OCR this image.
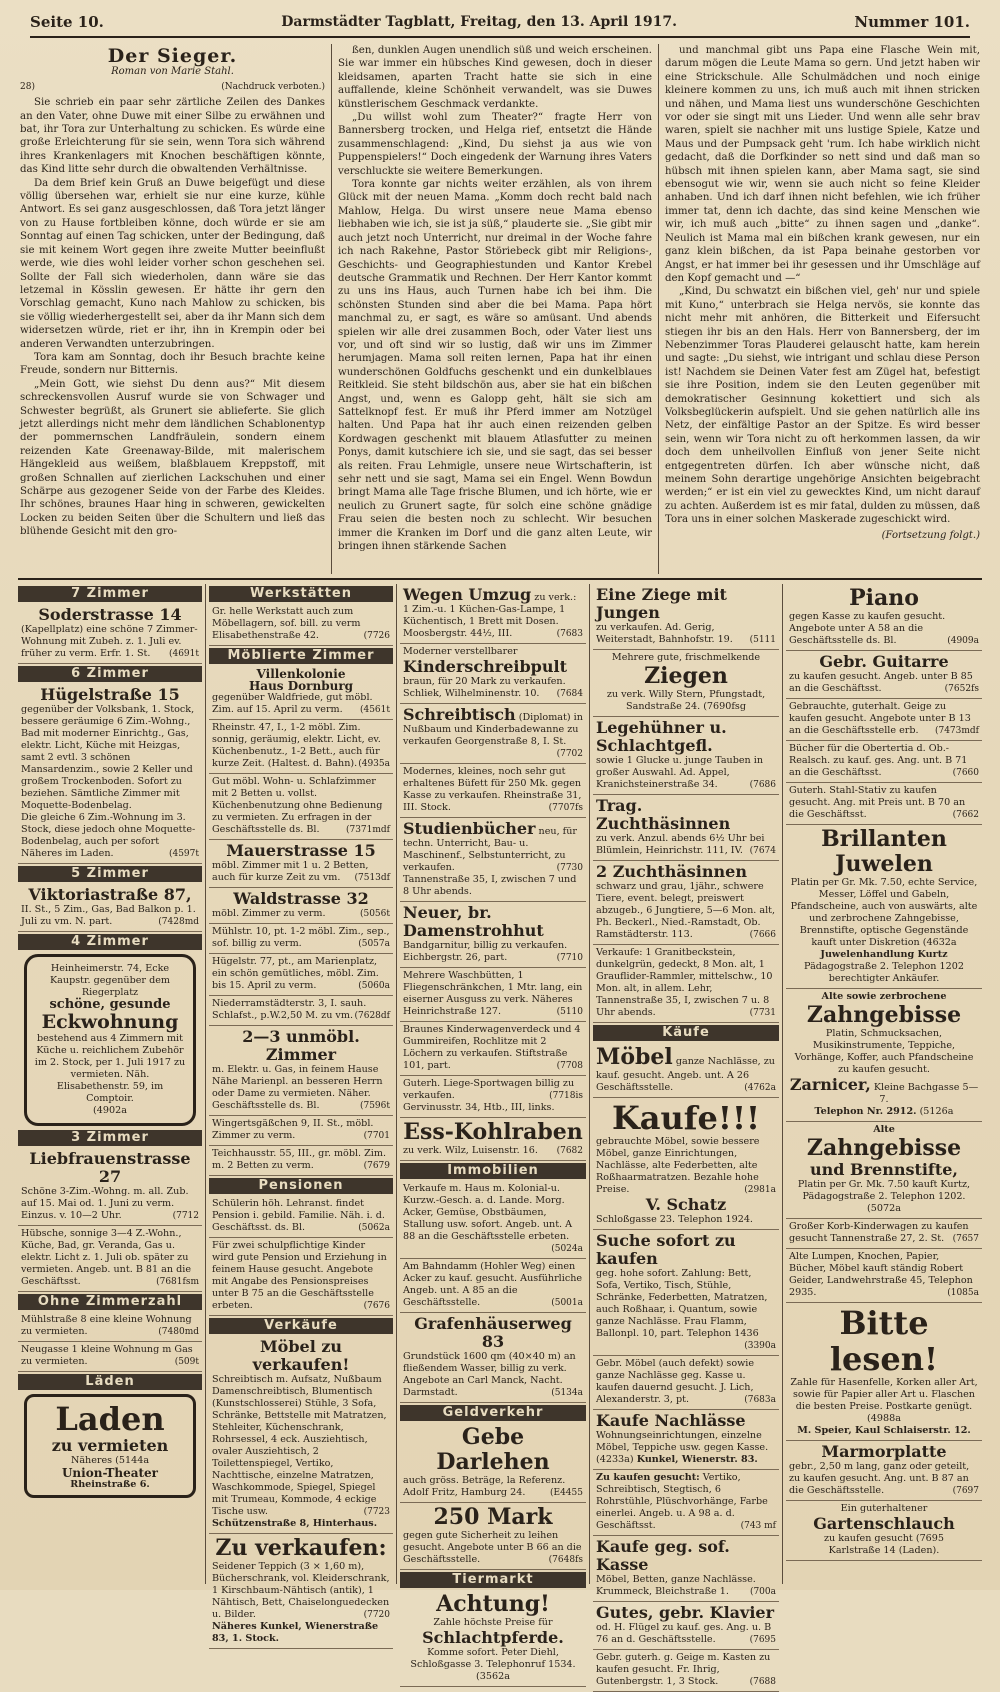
Seite 10.	Darmstädter Tagblatt, Freitag, den 13. April 1917.	Nummer 101.
Der Sieger.
Roman von Marie Stahl.
28)	(Nachdruck verboten.)

Sie schrieb ein paar sehr zärtliche Zeilen des Dankes an den Vater, ohne Duwe mit einer Silbe zu erwähnen und bat, ihr Tora zur Unterhaltung zu schicken. Es würde eine große Erleichterung für sie sein, wenn Tora sich während ihres Krankenlagers mit Knochen beschäftigen könnte, das Kind litte sehr durch die obwaltenden Verhältnisse.

Da dem Brief kein Gruß an Duwe beigefügt und diese völlig übersehen war, erhielt sie nur eine kurze, kühle Antwort. Es sei ganz ausgeschlossen, daß Tora jetzt länger von zu Hause fortbleiben könne, doch würde er sie am Sonntag auf einen Tag schicken, unter der Bedingung, daß sie mit keinem Wort gegen ihre zweite Mutter beeinflußt werde, wie dies wohl leider vorher schon geschehen sei. Sollte der Fall sich wiederholen, dann wäre sie das letzemal in Kösslin gewesen. Er hätte ihr gern den Vorschlag gemacht, Kuno nach Mahlow zu schicken, bis sie völlig wiederhergestellt sei, aber da ihr Mann sich dem widersetzen würde, riet er ihr, ihn in Krempin oder bei anderen Verwandten unterzubringen.

Tora kam am Sonntag, doch ihr Besuch brachte keine Freude, sondern nur Bitternis.

„Mein Gott, wie siehst Du denn aus?“ Mit diesem schreckensvollen Ausruf wurde sie von Schwager und Schwester begrüßt, als Grunert sie ablieferte. Sie glich jetzt allerdings nicht mehr dem ländlichen Schablonentyp der pommernschen Landfräulein, sondern einem reizenden Kate Greenaway-Bilde, mit malerischem Hängekleid aus weißem, blaßblauem Kreppstoff, mit großen Schnallen auf zierlichen Lackschuhen und einer Schärpe aus gezogener Seide von der Farbe des Kleides. Ihr schönes, braunes Haar hing in schweren, gewickelten Locken zu beiden Seiten über die Schultern und ließ das blühende Gesicht mit den gro-

ßen, dunklen Augen unendlich süß und weich erscheinen. Sie war immer ein hübsches Kind gewesen, doch in dieser kleidsamen, aparten Tracht hatte sie sich in eine auffallende, kleine Schönheit verwandelt, was sie Duwes künstlerischem Geschmack verdankte.

„Du willst wohl zum Theater?“ fragte Herr von Bannersberg trocken, und Helga rief, entsetzt die Hände zusammenschlagend: „Kind, Du siehst ja aus wie von Puppenspielers!“ Doch eingedenk der Warnung ihres Vaters verschluckte sie weitere Bemerkungen.

Tora konnte gar nichts weiter erzählen, als von ihrem Glück mit der neuen Mama. „Komm doch recht bald nach Mahlow, Helga. Du wirst unsere neue Mama ebenso liebhaben wie ich, sie ist ja süß,“ plauderte sie. „Sie gibt mir auch jetzt noch Unterricht, nur dreimal in der Woche fahre ich nach Rakehne, Pastor Störiebeck gibt mir Religions-, Geschichts- und Geographiestunden und Kantor Krebel deutsche Grammatik und Rechnen. Der Herr Kantor kommt zu uns ins Haus, auch Turnen habe ich bei ihm. Die schönsten Stunden sind aber die bei Mama. Papa hört manchmal zu, er sagt, es wäre so amüsant. Und abends spielen wir alle drei zusammen Boch, oder Vater liest uns vor, und oft sind wir so lustig, daß wir uns im Zimmer herumjagen. Mama soll reiten lernen, Papa hat ihr einen wunderschönen Goldfuchs geschenkt und ein dunkelblaues Reitkleid. Sie steht bildschön aus, aber sie hat ein bißchen Angst, und, wenn es Galopp geht, hält sie sich am Sattelknopf fest. Er muß ihr Pferd immer am Notzügel halten. Und Papa hat ihr auch einen reizenden gelben Kordwagen geschenkt mit blauem Atlasfutter zu meinen Ponys, damit kutschiere ich sie, und sie sagt, das sei besser als reiten. Frau Lehmigle, unsere neue Wirtschafterin, ist sehr nett und sie sagt, Mama sei ein Engel. Wenn Bowdun bringt Mama alle Tage frische Blumen, und ich hörte, wie er neulich zu Grunert sagte, für solch eine schöne gnädige Frau seien die besten noch zu schlecht. Wir besuchen immer die Kranken im Dorf und die ganz alten Leute, wir bringen ihnen stärkende Sachen

und manchmal gibt uns Papa eine Flasche Wein mit, darum mögen die Leute Mama so gern. Und jetzt haben wir eine Strickschule. Alle Schulmädchen und noch einige kleinere kommen zu uns, ich muß auch mit ihnen stricken und nähen, und Mama liest uns wunderschöne Geschichten vor oder sie singt mit uns Lieder. Und wenn alle sehr brav waren, spielt sie nachher mit uns lustige Spiele, Katze und Maus und der Pumpsack geht 'rum. Ich habe wirklich nicht gedacht, daß die Dorfkinder so nett sind und daß man so hübsch mit ihnen spielen kann, aber Mama sagt, sie sind ebensogut wie wir, wenn sie auch nicht so feine Kleider anhaben. Und ich darf ihnen nicht befehlen, wie ich früher immer tat, denn ich dachte, das sind keine Menschen wie wir, ich muß auch „bitte“ zu ihnen sagen und „danke“. Neulich ist Mama mal ein bißchen krank gewesen, nur ein ganz klein bißchen, da ist Papa beinahe gestorben vor Angst, er hat immer bei ihr gesessen und ihr Umschläge auf den Kopf gemacht und —“

„Kind, Du schwatzt ein bißchen viel, geh' nur und spiele mit Kuno,“ unterbrach sie Helga nervös, sie konnte das nicht mehr mit anhören, die Bitterkeit und Eifersucht stiegen ihr bis an den Hals. Herr von Bannersberg, der im Nebenzimmer Toras Plauderei gelauscht hatte, kam herein und sagte: „Du siehst, wie intrigant und schlau diese Person ist! Nachdem sie Deinen Vater fest am Zügel hat, befestigt sie ihre Position, indem sie den Leuten gegenüber mit demokratischer Gesinnung kokettiert und sich als Volksbeglückerin aufspielt. Und sie gehen natürlich alle ins Netz, der einfältige Pastor an der Spitze. Es wird besser sein, wenn wir Tora nicht zu oft herkommen lassen, da wir doch dem unheilvollen Einfluß von jener Seite nicht entgegentreten dürfen. Ich aber wünsche nicht, daß meinem Sohn derartige ungehörige Ansichten beigebracht werden;“ er ist ein viel zu gewecktes Kind, um nicht darauf zu achten. Außerdem ist es mir fatal, dulden zu müssen, daß Tora uns in einer solchen Maskerade zugeschickt wird.

(Fortsetzung folgt.)
7 Zimmer
Soderstrasse 14
(Kapellplatz) eine schöne 7 Zimmer-Wohnung mit Zubeh. z. 1. Juli ev. früher zu verm. Erfr. 1. St. (4691t
6 Zimmer
Hügelstraße 15
gegenüber der Volksbank, 1. Stock, bessere geräumige 6 Zim.-Wohng., Bad mit moderner Einrichtg., Gas, elektr. Licht, Küche mit Heizgas, samt 2 evtl. 3 schönen Mansardenzim., sowie 2 Keller und großem Trockenboden. Sofort zu beziehen. Sämtliche Zimmer mit Moquette-Bodenbelag.
Die gleiche 6 Zim.-Wohnung im 3. Stock, diese jedoch ohne Moquette-Bodenbelag, auch per sofort Näheres im Laden.	(4597t
5 Zimmer
Viktoriastraße 87,
II. St., 5 Zim., Gas, Bad Balkon p. 1. Juli zu vm. N. part.	(7428md
4 Zimmer
Heinheimerstr. 74, Ecke Kaupstr. gegenüber dem Riegerplatz
schöne, gesunde
Eckwohnung
bestehend aus 4 Zimmern mit Küche u. reichlichem Zubehör im 2. Stock, per 1. Juli 1917 zu vermieten. Näh. Elisabethenstr. 59, im Comptoir.
(4902a
3 Zimmer
Liebfrauenstrasse 27
Schöne 3-Zim.-Wohng. m. all. Zub. auf 15. Mai od. 1. Juni zu verm. Einzus. v. 10—2 Uhr.	(7712
Hübsche, sonnige 3—4 Z.-Wohn., Küche, Bad, gr. Veranda, Gas u. elektr. Licht z. 1. Juli ob. später zu vermieten. Angeb. unt. B 81 an die Geschäftsst.	(7681fsm
Ohne Zimmerzahl
Mühlstraße 8 eine kleine Wohnung zu vermieten.	(7480md
Neugasse 1 kleine Wohnung m Gas zu vermieten.	(509t
Läden
Laden
zu vermieten
Näheres (5144a
Union-Theater
Rheinstraße 6.
Werkstätten
Gr. helle Werkstatt auch zum Möbellagern, sof. bill. zu verm Elisabethenstraße 42.	(7726
Möblierte Zimmer
Villenkolonie
Haus Dornburg
gegenüber Waldfriede, gut möbl. Zim. auf 15. April zu verm. (4561t
Rheinstr. 47, I., 1-2 möbl. Zim. sonnig, geräumig, elektr. Licht, ev. Küchenbenutz., 1-2 Bett., auch für kurze Zeit. (Haltest. d. Bahn). (4935a
Gut möbl. Wohn- u. Schlafzimmer mit 2 Betten u. vollst. Küchenbenutzung ohne Bedienung zu vermieten. Zu erfragen in der Geschäftsstelle ds. Bl.	(7371mdf
Mauerstrasse 15
möbl. Zimmer mit 1 u. 2 Betten, auch für kurze Zeit zu vm. (7513df
Waldstrasse 32
möbl. Zimmer zu verm.	(5056t
Mühlstr. 10, pt. 1-2 möbl. Zim., sep., sof. billig zu verm.	(5057a
Hügelstr. 77, pt., am Marienplatz, ein schön gemütliches, möbl. Zim. bis 15. April zu verm.	(5060a
Niederramstädterstr. 3, I. sauh. Schlafst., p.W.2,50 M. zu vm. (7628df
2—3 unmöbl. Zimmer
m. Elektr. u. Gas, in feinem Hause Nähe Marienpl. an besseren Herrn oder Dame zu vermieten. Näher. Geschäftsstelle ds. Bl.	(7596t
Wingertsgäßchen 9, II. St., möbl. Zimmer zu verm.	(7701
Teichhausstr. 55, III., gr. möbl. Zim. m. 2 Betten zu verm.	(7679
Pensionen
Schülerin höh. Lehranst. findet Pension i. gebild. Familie. Näh. i. d. Geschäftsst. ds. Bl.	(5062a
Für zwei schulpflichtige Kinder wird gute Pension und Erziehung in feinem Hause gesucht. Angebote mit Angabe des Pensionspreises unter B 75 an die Geschäftsstelle erbeten.	(7676
Verkäufe
Möbel zu verkaufen!
Schreibtisch m. Aufsatz, Nußbaum Damenschreibtisch, Blumentisch (Kunstschlosserei) Stühle, 3 Sofa, Schränke, Bettstelle mit Matratzen, Stehleiter, Küchenschrank, Rohrsessel, 4 eck. Ausziehtisch, ovaler Ausziehtisch, 2 Toilettenspiegel, Vertiko, Nachttische, einzelne Matratzen, Waschkommode, Spiegel, Spiegel mit Trumeau, Kommode, 4 eckige Tische usw.	(7723
Schützenstraße 8, Hinterhaus.
Zu verkaufen:
Seidener Teppich (3 × 1,60 m), Bücherschrank, vol. Kleiderschrank, 1 Kirschbaum-Nähtisch (antik), 1 Nähtisch, Bett, Chaiselonguedecken u. Bilder.	(7720
Näheres Kunkel, Wienerstraße 83, 1. Stock.
Wegen Umzug zu verk.: 1 Zim.-u. 1 Küchen-Gas-Lampe, 1 Küchentisch, 1 Brett mit Dosen. Moosbergstr. 44½, III.	(7683
Moderner verstellbarer Kinderschreibpult braun, für 20 Mark zu verkaufen. Schliek, Wilhelminenstr. 10. (7684
Schreibtisch (Diplomat) in Nußbaum und Kinderbadewanne zu verkaufen Georgenstraße 8, I. St.
(7702
Modernes, kleines, noch sehr gut erhaltenes Büfett für 250 Mk. gegen Kasse zu verkaufen. Rheinstraße 31, III. Stock.	(7707fs
Studienbücher neu, für techn. Unterricht, Bau- u. Maschinenf., Selbstunterricht, zu verkaufen.	(7730
Tannenstraße 35, I, zwischen 7 und 8 Uhr abends.
Neuer, br. Damenstrohhut
Bandgarnitur, billig zu verkaufen. Eichbergstr. 26, part.	(7710
Mehrere Waschbütten, 1 Fliegenschränkchen, 1 Mtr. lang, ein eiserner Ausguss zu verk. Näheres Heinrichstraße 127.	(5110
Braunes Kinderwagenverdeck und 4 Gummireifen, Rochlitze mit 2 Löchern zu verkaufen. Stiftstraße 101, part.	(7708
Guterh. Liege-Sportwagen billig zu verkaufen.	(7718is
Gervinusstr. 34, Htb., III, links.
Ess-Kohlraben
zu verk. Wilz, Luisenstr. 16. (7682
Immobilien
Verkaufe m. Haus m. Kolonial-u. Kurzw.-Gesch. a. d. Lande. Morg. Acker, Gemüse, Obstbäumen, Stallung usw. sofort. Angeb. unt. A 88 an die Geschäftsstelle erbeten.
(5024a
Am Bahndamm (Hohler Weg) einen Acker zu kauf. gesucht. Ausführliche Angeb. unt. A 85 an die Geschäftsstelle.	(5001a
Grafenhäuserweg 83
Grundstück 1600 qm (40×40 m) an fließendem Wasser, billig zu verk. Angebote an Carl Manck, Nacht. Darmstadt.	(5134a
Geldverkehr
Gebe Darlehen
auch gröss. Beträge, la Referenz. Adolf Fritz, Hamburg 24.	(E4455
250 Mark
gegen gute Sicherheit zu leihen gesucht. Angebote unter B 66 an die Geschäftsstelle.	(7648fs
Tiermarkt
Achtung!
Zahle höchste Preise für
Schlachtpferde.
Komme sofort. Peter Diehl, Schloßgasse 3. Telephonruf 1534. (3562a
Eine Ziege mit Jungen
zu verkaufen. Ad. Gerig, Weiterstadt, Bahnhofstr. 19. (5111
Mehrere gute, frischmelkende
Ziegen
zu verk. Willy Stern, Pfungstadt, Sandstraße 24. (7690fsg
Legehühner u. Schlachtgefl.
sowie 1 Glucke u. junge Tauben in großer Auswahl. Ad. Appel, Kranichsteinerstraße 34.	(7686
Trag. Zuchthäsinnen
zu verk. Anzul. abends 6½ Uhr bei Blümlein, Heinrichstr. 111, IV. (7674
2 Zuchthäsinnen
schwarz und grau, 1jähr., schwere Tiere, event. belegt, preiswert abzugeb., 6 Jungtiere, 5—6 Mon. alt, Ph. Beckerl., Nied.-Ramstadt, Ob. Ramstädterstr. 113.	(7666
Verkaufe: 1 Granitbeckstein, dunkelgrün, gedeckt, 8 Mon. alt, 1 Grauflider-Rammler, mittelschw., 10 Mon. alt, in allem. Lehr, Tannenstraße 35, I, zwischen 7 u. 8 Uhr abends.	(7731
Käufe
Möbel ganze Nachlässe, zu kauf. gesucht. Angeb. unt. A 26 Geschäftsstelle.	(4762a
Kaufe!!!
gebrauchte Möbel, sowie bessere Möbel, ganze Einrichtungen, Nachlässe, alte Federbetten, alte Roßhaarmatratzen. Bezahle hohe Preise.	(2981a
V. Schatz
Schloßgasse 23. Telephon 1924.
Suche sofort zu kaufen
geg. hohe sofort. Zahlung: Bett, Sofa, Vertiko, Tisch, Stühle, Schränke, Federbetten, Matratzen, auch Roßhaar, i. Quantum, sowie ganze Nachlässe. Frau Flamm, Ballonpl. 10, part. Telephon 1436
(3390a
Gebr. Möbel (auch defekt) sowie ganze Nachlässe geg. Kasse u. kaufen dauernd gesucht. J. Lich, Alexanderstr. 3, pt.	(7683a
Kaufe Nachlässe
Wohnungseinrichtungen, einzelne Möbel, Teppiche usw. gegen Kasse. (4233a) Kunkel, Wienerstr. 83.
Zu kaufen gesucht: Vertiko, Schreibtisch, Stegtisch, 6 Rohrstühle, Plüschvorhänge, Farbe einerlei. Angeb. u. A 98 a. d. Geschäftsst.	(743 mf
Kaufe geg. sof. Kasse
Möbel, Betten, ganze Nachlässe. Krummeck, Bleichstraße 1. (700a
Gutes, gebr. Klavier
od. H. Flügel zu kauf. ges. Ang. u. B 76 an d. Geschäftsstelle.	(7695
Gebr. guterh. g. Geige m. Kasten zu kaufen gesucht. Fr. Ihrig, Gutenbergstr. 1, 3 Stock.	(7688
Piano
gegen Kasse zu kaufen gesucht. Angebote unter A 58 an die Geschäftsstelle ds. Bl.	(4909a
Gebr. Guitarre
zu kaufen gesucht. Angeb. unter B 85 an die Geschäftsst.	(7652fs
Gebrauchte, guterhalt. Geige zu kaufen gesucht. Angebote unter B 13 an die Geschäftsstelle erb. (7473mdf
Bücher für die Obertertia d. Ob.-Realsch. zu kauf. ges. Ang. unt. B 71 an die Geschäftsst.	(7660
Guterh. Stahl-Stativ zu kaufen gesucht. Ang. mit Preis unt. B 70 an die Geschäftsst.	(7662
Brillanten
Juwelen
Platin per Gr. Mk. 7.50, echte Service, Messer, Löffel und Gabeln, Pfandscheine, auch von auswärts, alte und zerbrochene Zahngebisse, Brennstifte, optische Gegenstände kauft unter Diskretion (4632a
Juwelenhandlung Kurtz
Pädagogstraße 2. Telephon 1202 berechtigter Ankäufer.
Alte sowie zerbrochene
Zahngebisse
Platin, Schmucksachen, Musikinstrumente, Teppiche, Vorhänge, Koffer, auch Pfandscheine zu kaufen gesucht.
Zarnicer, Kleine Bachgasse 5—7.
Telephon Nr. 2912. (5126a
Alte
Zahngebisse
und Brennstifte,
Platin per Gr. Mk. 7.50 kauft Kurtz, Pädagogstraße 2. Telephon 1202. (5072a
Großer Korb-Kinderwagen zu kaufen gesucht Tannenstraße 27, 2. St. (7657
Alte Lumpen, Knochen, Papier, Bücher, Möbel kauft ständig Robert Geider, Landwehrstraße 45, Telephon 2935.	(1085a
Bitte lesen!
Zahle für Hasenfelle, Korken aller Art, sowie für Papier aller Art u. Flaschen die besten Preise. Postkarte genügt. (4988a
M. Speier, Kaul Schlaiserstr. 12.
Marmorplatte
gebr., 2,50 m lang, ganz oder geteilt, zu kaufen gesucht. Ang. unt. B 87 an die Geschäftsstelle.	(7697
Ein guterhaltener
Gartenschlauch
zu kaufen gesucht (7695
Karlstraße 14 (Laden).
